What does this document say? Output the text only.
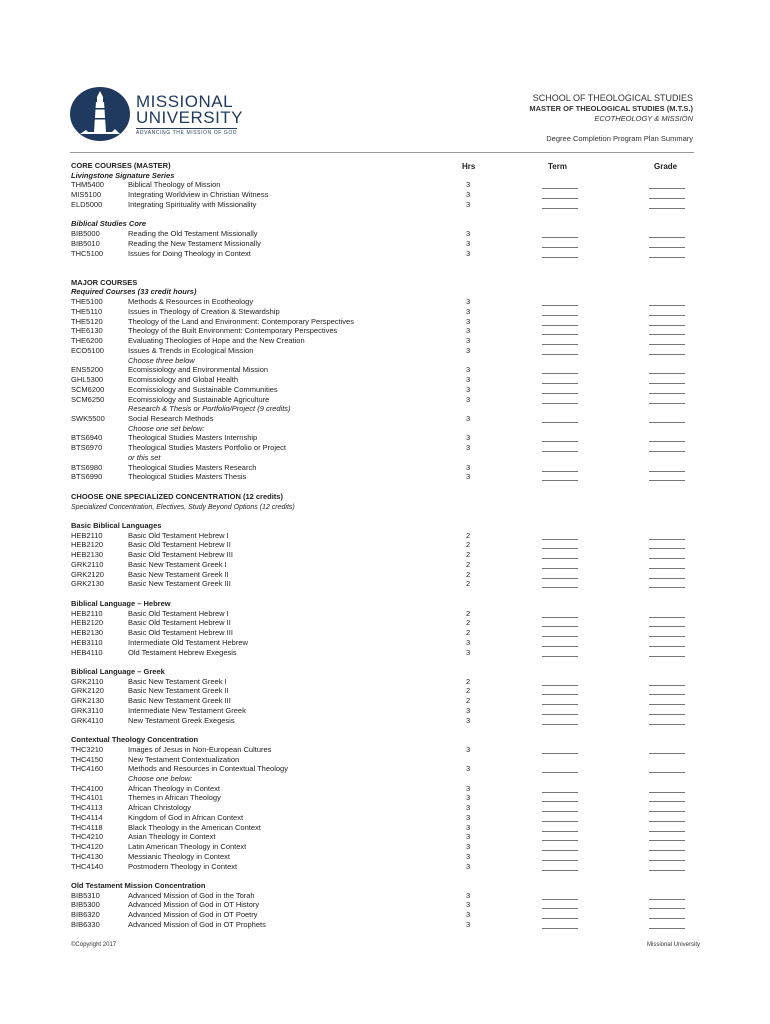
MISSIONAL
UNIVERSITY
ADVANCING THE MISSION OF GOD
SCHOOL OF THEOLOGICAL STUDIES
MASTER OF THEOLOGICAL STUDIES (M.T.S.)
ECOTHEOLOGY & MISSION
Degree Completion Program Plan Summary
Hrs	Term	Grade
CORE COURSES (MASTER)
Livingstone Signature Series
THM5400	Biblical Theology of Mission	3
MIS5100	Integrating Worldview in Christian Witness	3
ELD5000	Integrating Spirituality with Missionality	3
Biblical Studies Core
BIB5000	Reading the Old Testament Missionally	3
BIB5010	Reading the New Testament Missionally	3
THC5100	Issues for Doing Theology in Context	3
MAJOR COURSES
Required Courses (33 credit hours)
THE5100	Methods & Resources in Ecotheology	3
THE5110	Issues in Theology of Creation & Stewardship	3
THE5120	Theology of the Land and Environment: Contemporary Perspectives	3
THE6130	Theology of the Built Environment: Contemporary Perspectives	3
THE6200	Evaluating Theologies of Hope and the New Creation	3
ECO5100	Issues & Trends in Ecological Mission	3
Choose three below
ENS5200	Ecomissiology and Environmental Mission	3
GHL5300	Ecomissiology and Global Health	3
SCM6200	Ecomissiology and Sustainable Communities	3
SCM6250	Ecomissiology and Sustainable Agriculture	3
Research & Thesis or Portfolio/Project (9 credits)
SWK5500	Social Research Methods	3
Choose one set below:
BTS6940	Theological Studies Masters Internship	3
BTS6970	Theological Studies Masters Portfolio or Project	3
or this set
BTS6980	Theological Studies Masters Research	3
BTS6990	Theological Studies Masters Thesis	3
CHOOSE ONE SPECIALIZED CONCENTRATION (12 credits)
Specialized Concentration, Electives, Study Beyond Options (12 credits)
Basic Biblical Languages
HEB2110	Basic Old Testament Hebrew I	2
HEB2120	Basic Old Testament Hebrew II	2
HEB2130	Basic Old Testament Hebrew III	2
GRK2110	Basic New Testament Greek I	2
GRK2120	Basic New Testament Greek II	2
GRK2130	Basic New Testament Greek III	2
Biblical Language – Hebrew
HEB2110	Basic Old Testament Hebrew I	2
HEB2120	Basic Old Testament Hebrew II	2
HEB2130	Basic Old Testament Hebrew III	2
HEB3110	Intermediate Old Testament Hebrew	3
HEB4110	Old Testament Hebrew Exegesis	3
Biblical Language – Greek
GRK2110	Basic New Testament Greek I	2
GRK2120	Basic New Testament Greek II	2
GRK2130	Basic New Testament Greek III	2
GRK3110	Intermediate New Testament Greek	3
GRK4110	New Testament Greek Exegesis	3
Contextual Theology Concentration
THC3210	Images of Jesus in Non-European Cultures	3
THC4150	New Testament Contextualization
THC4160	Methods and Resources in Contextual Theology	3
Choose one below:
THC4100	African Theology in Context	3
THC4101	Themes in African Theology	3
THC4113	African Christology	3
THC4114	Kingdom of God in African Context	3
THC4118	Black Theology in the American Context	3
THC4210	Asian Theology in Context	3
THC4120	Latin American Theology in Context	3
THC4130	Messianic Theology in Context	3
THC4140	Postmodern Theology in Context	3
Old Testament Mission Concentration
BIB5310	Advanced Mission of God in the Torah	3
BIB5300	Advanced Mission of God in OT History	3
BIB6320	Advanced Mission of God in OT Poetry	3
BIB6330	Advanced Mission of God in OT Prophets	3
©Copyright 2017	Missional University
